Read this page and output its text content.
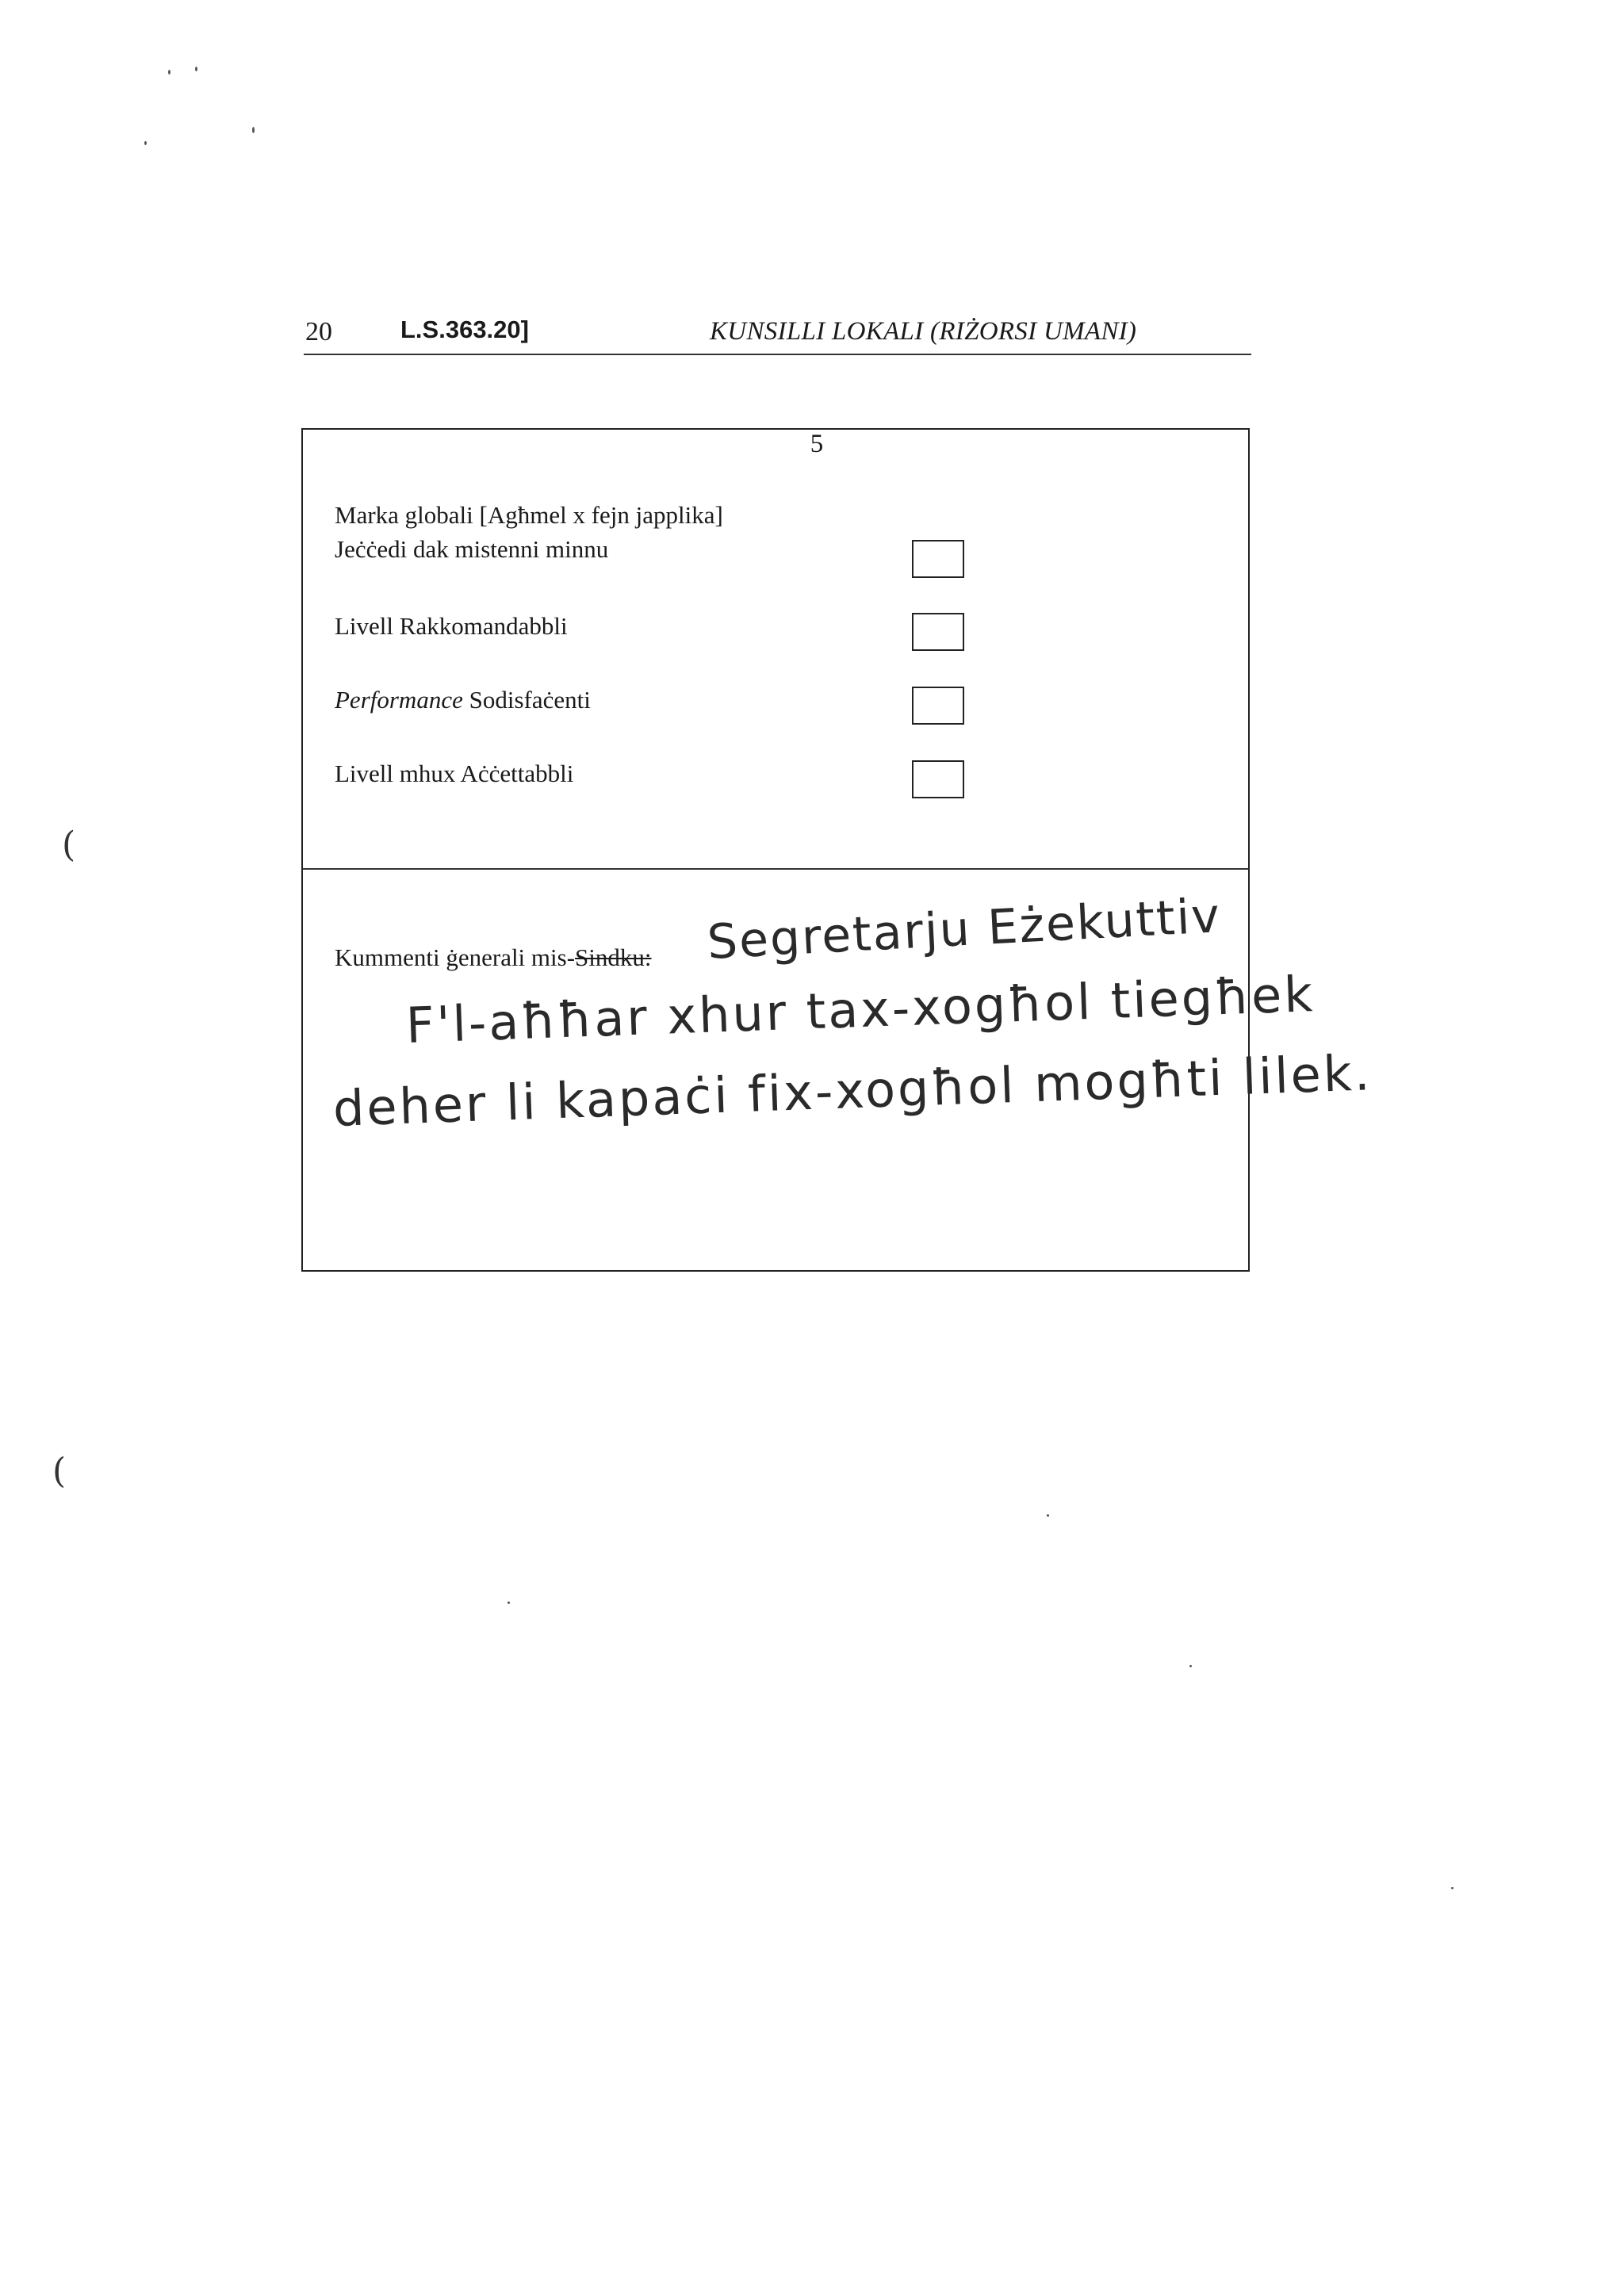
(
(
20	L.S.363.20]	KUNSILLI LOKALI (RIŻORSI UMANI)
5
Marka globali [Agħmel x fejn japplika]
Jeċċedi dak mistenni minnu
Livell Rakkomandabbli
Performance Sodisfaċenti
Livell mhux Aċċettabbli
Kummenti ġenerali mis-Sindku: Segretarju Eżekuttiv
F'l-aħħar xhur tax-xogħol tiegħek
deher li kapaċi fix-xogħol mogħti lilek.
